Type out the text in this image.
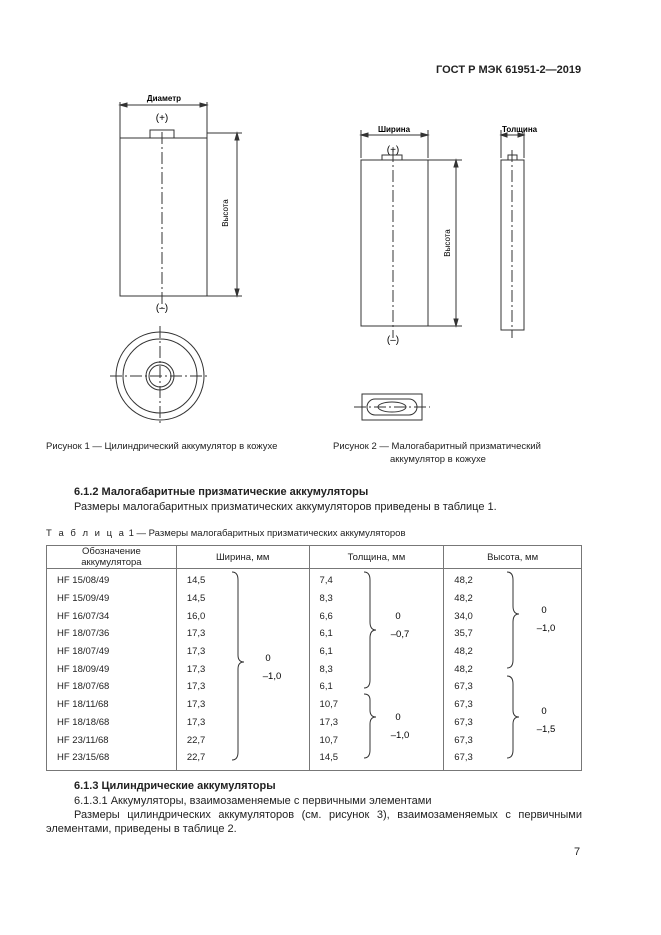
ГОСТ Р МЭК 61951-2—2019
Диаметр
(+)
(–)
Высота
Ширина	Толщина
(+)
(–)
Высота
Рисунок 1 — Цилиндрический аккумулятор в кожухе	Рисунок 2 — Малогабаритный призматический
аккумулятор в кожухе
6.1.2 Малогабаритные призматические аккумуляторы
Размеры малогабаритных призматических аккумуляторов приведены в таблице 1.
Т а б л и ц а 1 — Размеры малогабаритных призматических аккумуляторов
Обозначение аккумулятора	Ширина, мм	Толщина, мм	Высота, мм
HF 15/08/49	14,5	7,4	48,2
HF 15/09/49	14,5	8,3	48,2
HF 16/07/34	16,0	6,6	34,0
HF 18/07/36	17,3	6,1	35,7
HF 18/07/49	17,3	6,1	48,2
HF 18/09/49	17,3	8,3	48,2
HF 18/07/68	17,3	6,1	67,3
HF 18/11/68	17,3	10,7	67,3
HF 18/18/68	17,3	17,3	67,3
HF 23/11/68	22,7	10,7	67,3
HF 23/15/68	22,7	14,5	67,3
0
–1,0
0
–0,7
0
–1,0
0
–1,0
0
–1,5
6.1.3 Цилиндрические аккумуляторы
6.1.3.1 Аккумуляторы, взаимозаменяемые с первичными элементами
Размеры цилиндрических аккумуляторов (см. рисунок 3), взаимозаменяемых с первичными
элементами, приведены в таблице 2.
7
